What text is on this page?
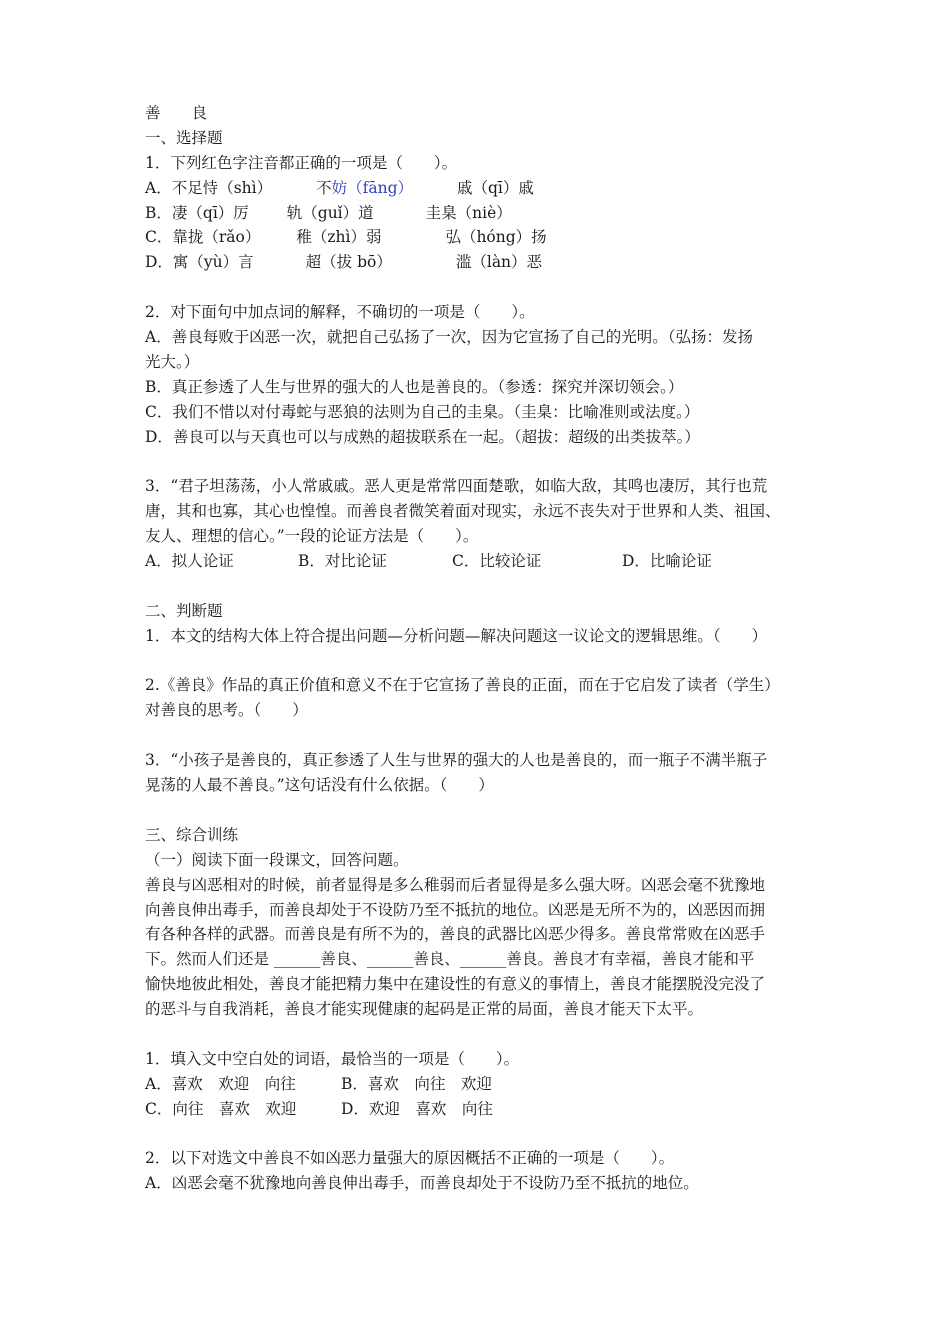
善　　良
一、选择题
1．下列红色字注音都正确的一项是（　　）。
A．不足恃（shì）	不妨（fāng）	戚（qī）戚
B．凄（qī）厉 轨（guǐ）道	圭臬（niè）
C．靠拢（rǎo） 稚（zhì）弱	弘（hóng）扬
D．寓（yù）言	超（拔 bō）	滥（làn）恶
2．对下面句中加点词的解释，不确切的一项是（　　）。
A．善良每败于凶恶一次，就把自己弘扬了一次，因为它宣扬了自己的光明。（弘扬：发扬
光大。）
B．真正参透了人生与世界的强大的人也是善良的。（参透：探究并深切领会。）
C．我们不惜以对付毒蛇与恶狼的法则为自己的圭臬。（圭臬：比喻准则或法度。）
D．善良可以与天真也可以与成熟的超拔联系在一起。（超拔：超级的出类拔萃。）
3．“君子坦荡荡，小人常戚戚。恶人更是常常四面楚歌，如临大敌，其鸣也凄厉，其行也荒
唐，其和也寡，其心也惶惶。而善良者微笑着面对现实，永远不丧失对于世界和人类、祖国、
友人、理想的信心。”一段的论证方法是（　　）。
A．拟人论证	B．对比论证	C．比较论证	D．比喻论证
二、判断题
1．本文的结构大体上符合提出问题—分析问题—解决问题这一议论文的逻辑思维。（　　）
2.《善良》作品的真正价值和意义不在于它宣扬了善良的正面，而在于它启发了读者（学生）
对善良的思考。（　　）
3．“小孩子是善良的，真正参透了人生与世界的强大的人也是善良的，而一瓶子不满半瓶子
晃荡的人最不善良。”这句话没有什么依据。（　　）
三、综合训练
（一）阅读下面一段课文，回答问题。
善良与凶恶相对的时候，前者显得是多么稚弱而后者显得是多么强大呀。凶恶会毫不犹豫地
向善良伸出毒手，而善良却处于不设防乃至不抵抗的地位。凶恶是无所不为的，凶恶因而拥
有各种各样的武器。而善良是有所不为的，善良的武器比凶恶少得多。善良常常败在凶恶手
下。然而人们还是 ______善良、______善良、______善良。善良才有幸福，善良才能和平
愉快地彼此相处，善良才能把精力集中在建设性的有意义的事情上，善良才能摆脱没完没了
的恶斗与自我消耗，善良才能实现健康的起码是正常的局面，善良才能天下太平。
1．填入文中空白处的词语，最恰当的一项是（　　）。
A．喜欢　欢迎　向往	B．喜欢　向往　欢迎
C．向往　喜欢　欢迎	D．欢迎　喜欢　向往
2．以下对选文中善良不如凶恶力量强大的原因概括不正确的一项是（　　）。
A．凶恶会毫不犹豫地向善良伸出毒手，而善良却处于不设防乃至不抵抗的地位。
